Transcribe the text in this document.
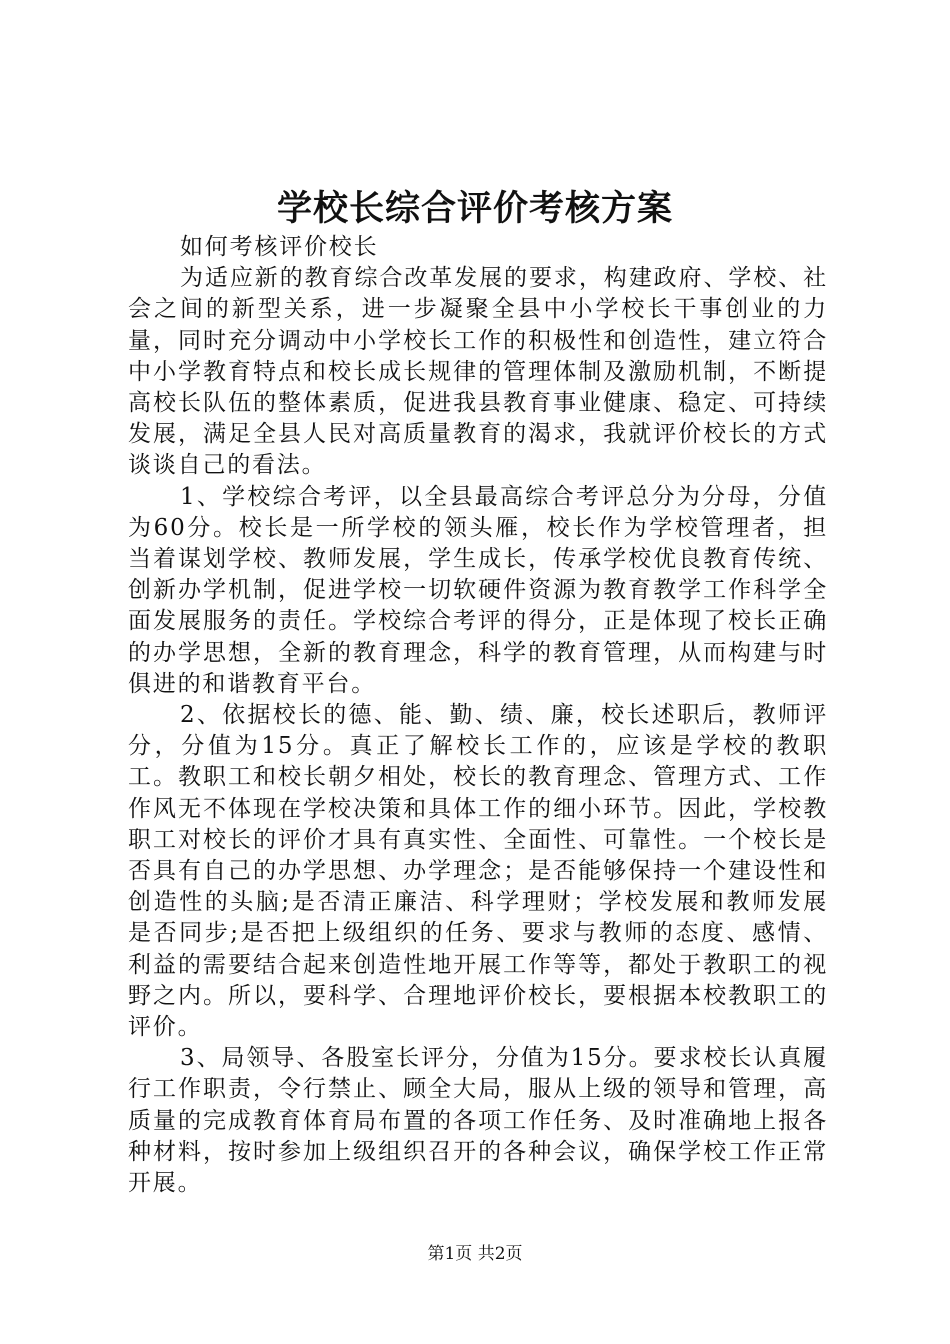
学校长综合评价考核方案

如何考核评价校长

为适应新的教育综合改革发展的要求，构建政府、学校、社会之间的新型关系，进一步凝聚全县中小学校长干事创业的力量，同时充分调动中小学校长工作的积极性和创造性，建立符合中小学教育特点和校长成长规律的管理体制及激励机制，不断提高校长队伍的整体素质，促进我县教育事业健康、稳定、可持续发展，满足全县人民对高质量教育的渴求，我就评价校长的方式谈谈自己的看法。

1、学校综合考评，以全县最高综合考评总分为分母，分值为60分。校长是一所学校的领头雁，校长作为学校管理者，担当着谋划学校、教师发展，学生成长，传承学校优良教育传统、创新办学机制，促进学校一切软硬件资源为教育教学工作科学全面发展服务的责任。学校综合考评的得分，正是体现了校长正确的办学思想，全新的教育理念，科学的教育管理，从而构建与时俱进的和谐教育平台。

2、依据校长的德、能、勤、绩、廉，校长述职后，教师评分，分值为15分。真正了解校长工作的，应该是学校的教职工。教职工和校长朝夕相处，校长的教育理念、管理方式、工作作风无不体现在学校决策和具体工作的细小环节。因此，学校教职工对校长的评价才具有真实性、全面性、可靠性。一个校长是否具有自己的办学思想、办学理念；是否能够保持一个建设性和创造性的头脑;是否清正廉洁、科学理财；学校发展和教师发展是否同步;是否把上级组织的任务、要求与教师的态度、感情、利益的需要结合起来创造性地开展工作等等，都处于教职工的视野之内。所以，要科学、合理地评价校长，要根据本校教职工的评价。

3、局领导、各股室长评分，分值为15分。要求校长认真履行工作职责，令行禁止、顾全大局，服从上级的领导和管理，高质量的完成教育体育局布置的各项工作任务、及时准确地上报各种材料，按时参加上级组织召开的各种会议，确保学校工作正常开展。

第1页 共2页
